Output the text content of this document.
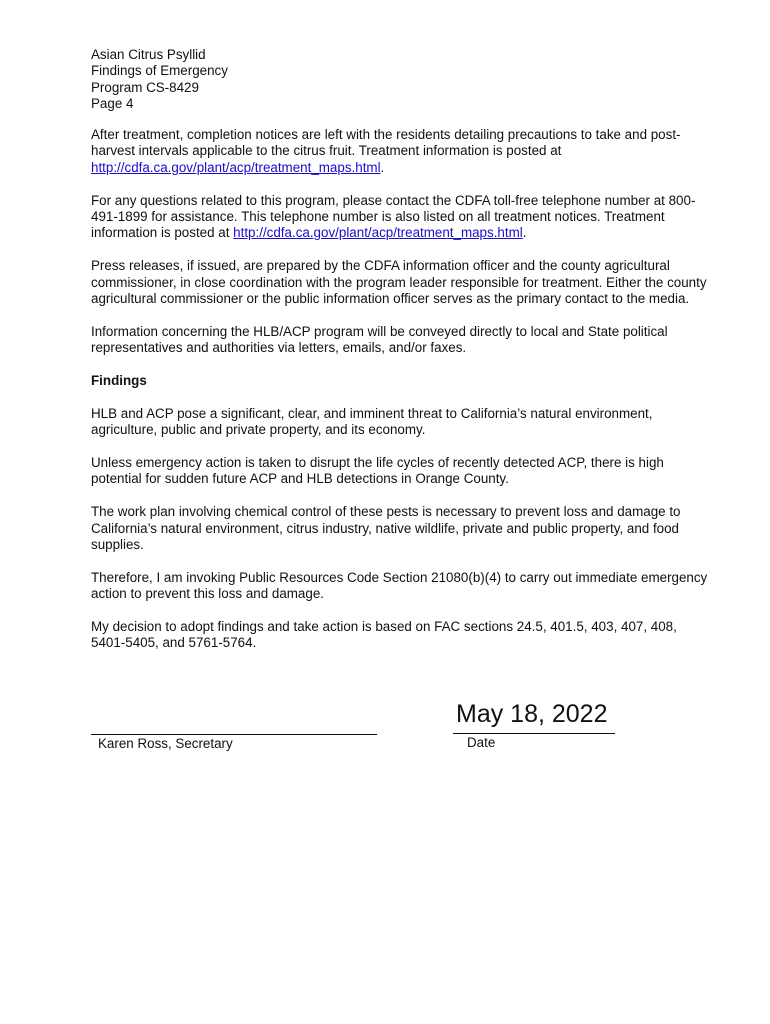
Asian Citrus Psyllid
Findings of Emergency
Program CS-8429
Page 4

After treatment, completion notices are left with the residents detailing precautions to take and post-harvest intervals applicable to the citrus fruit. Treatment information is posted at http://cdfa.ca.gov/plant/acp/treatment_maps.html.

For any questions related to this program, please contact the CDFA toll-free telephone number at 800-491-1899 for assistance. This telephone number is also listed on all treatment notices. Treatment information is posted at http://cdfa.ca.gov/plant/acp/treatment_maps.html.

Press releases, if issued, are prepared by the CDFA information officer and the county agricultural commissioner, in close coordination with the program leader responsible for treatment. Either the county agricultural commissioner or the public information officer serves as the primary contact to the media.

Information concerning the HLB/ACP program will be conveyed directly to local and State political representatives and authorities via letters, emails, and/or faxes.

Findings

HLB and ACP pose a significant, clear, and imminent threat to California’s natural environment, agriculture, public and private property, and its economy.

Unless emergency action is taken to disrupt the life cycles of recently detected ACP, there is high potential for sudden future ACP and HLB detections in Orange County.

The work plan involving chemical control of these pests is necessary to prevent loss and damage to California’s natural environment, citrus industry, native wildlife, private and public property, and food supplies.

Therefore, I am invoking Public Resources Code Section 21080(b)(4) to carry out immediate emergency action to prevent this loss and damage.

My decision to adopt findings and take action is based on FAC sections 24.5, 401.5, 403, 407, 408, 5401-5405, and 5761-5764.

Karen Ross, Secretary
May 18, 2022
Date
